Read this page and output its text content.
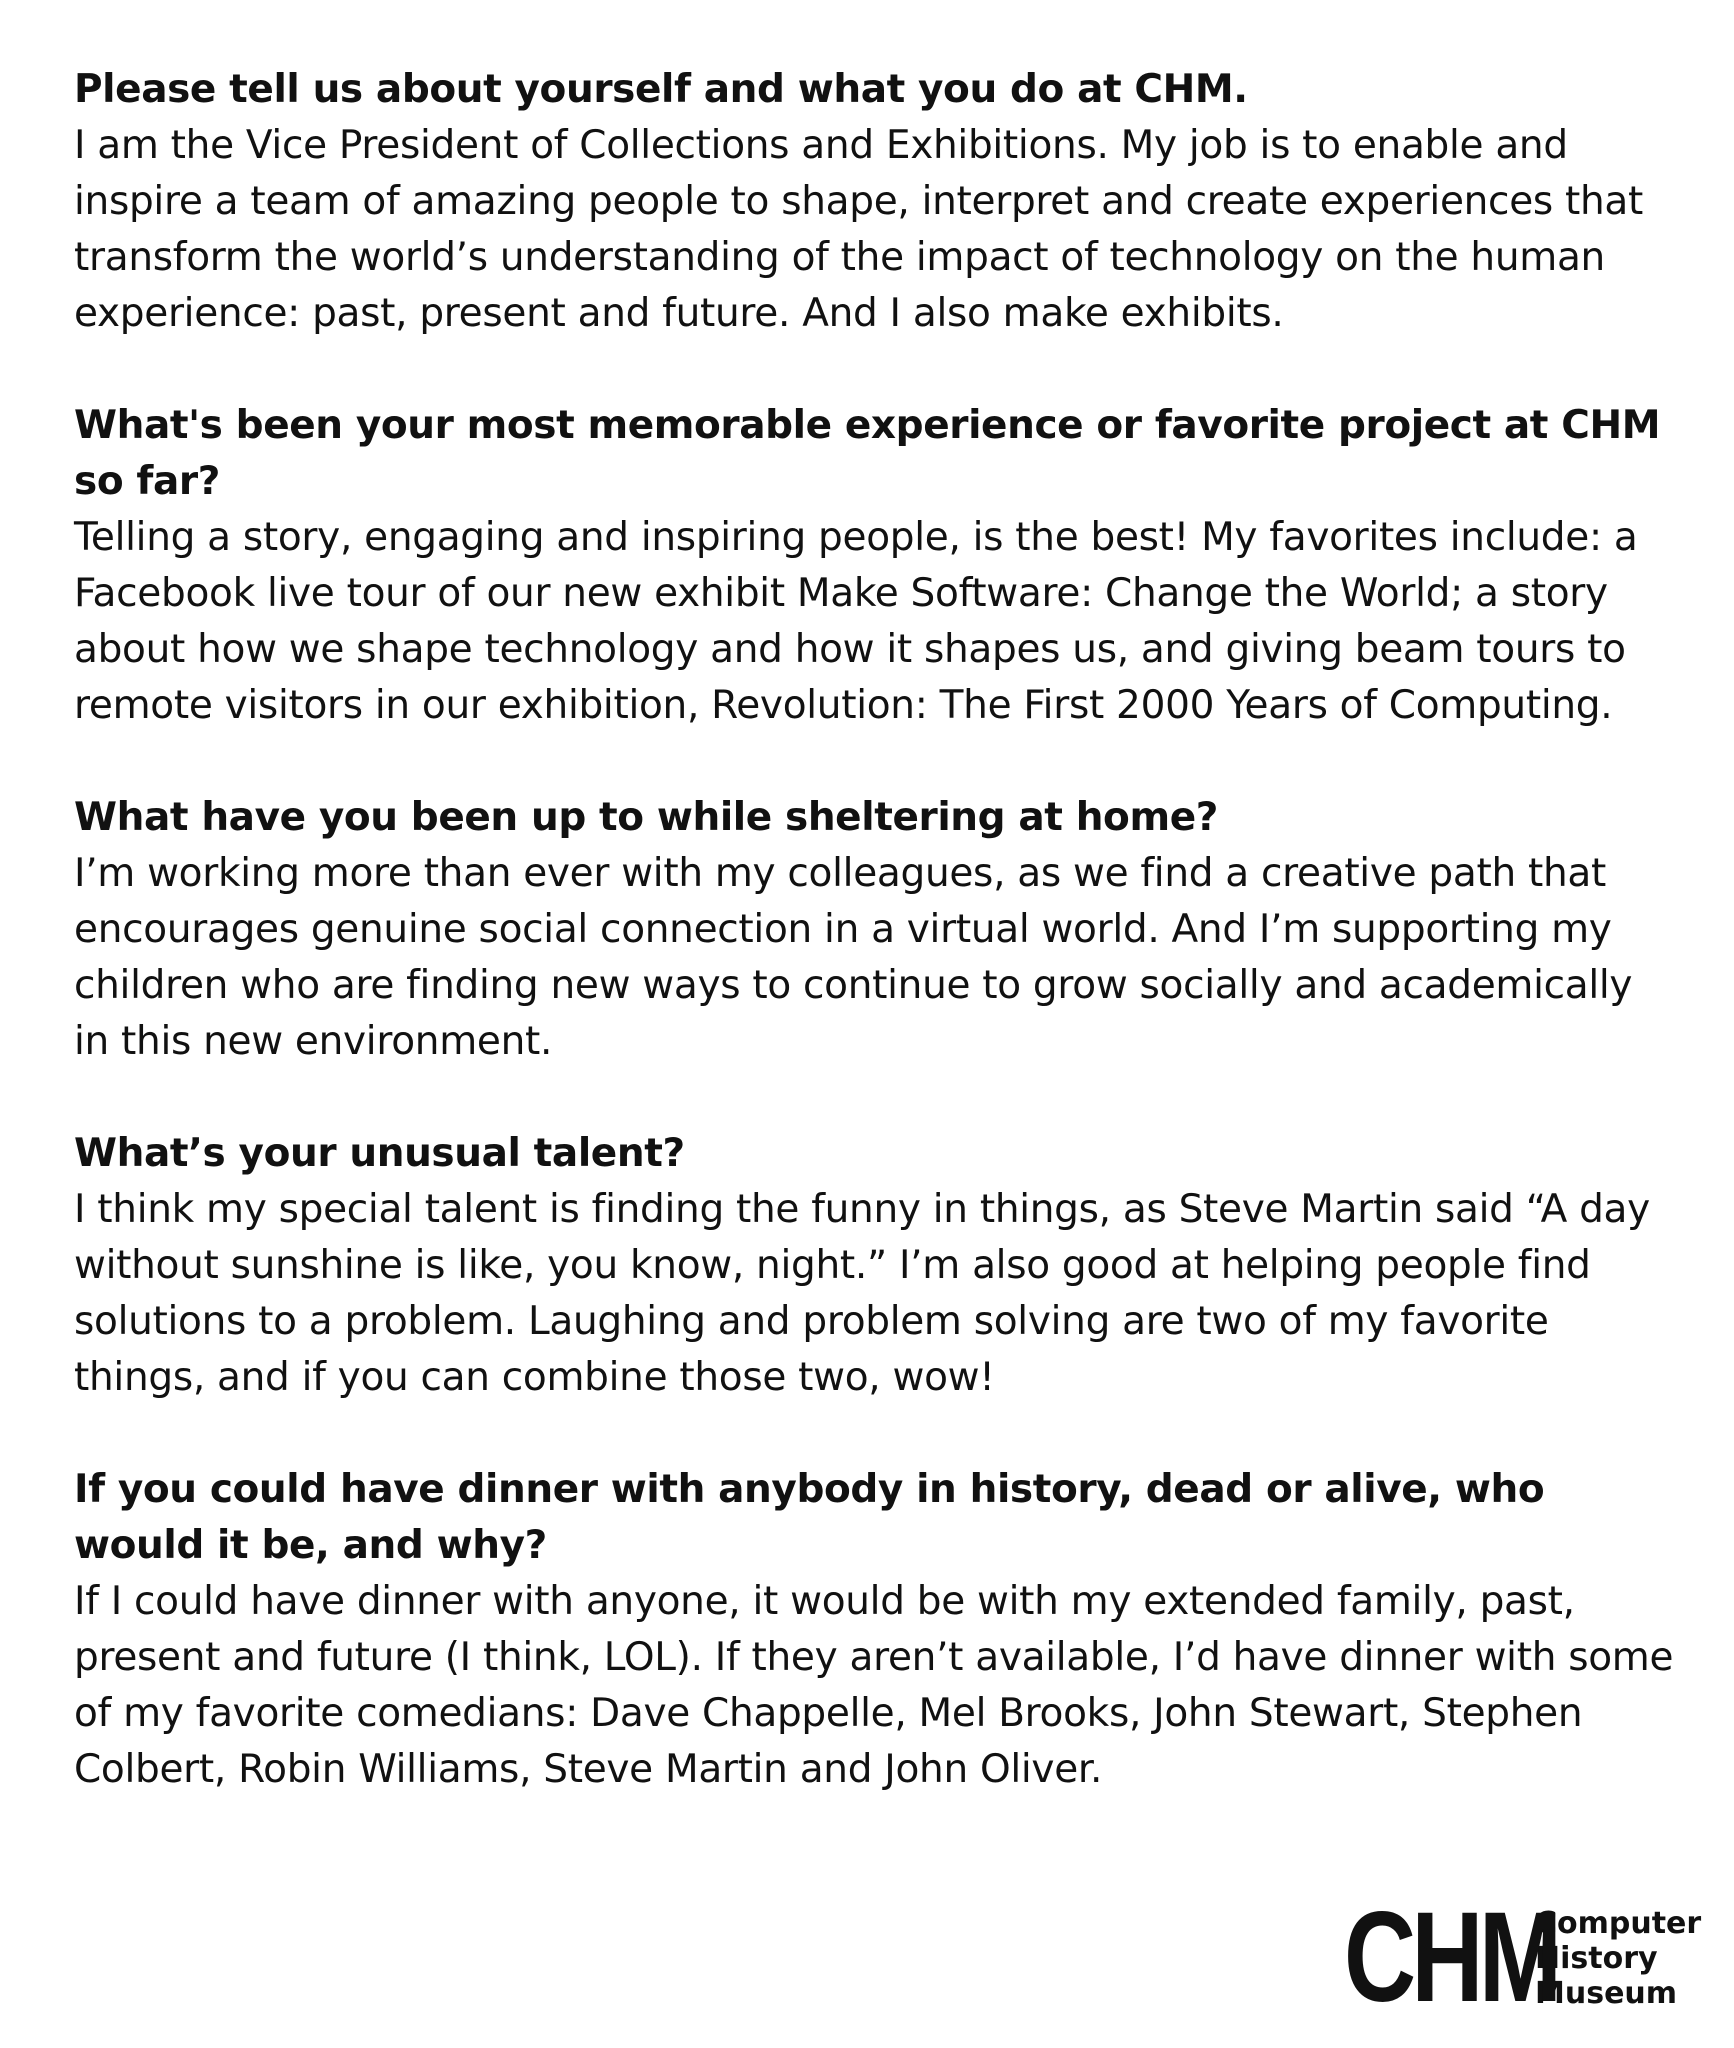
Please tell us about yourself and what you do at CHM.

I am the Vice President of Collections and Exhibitions. My job is to enable and inspire a team of amazing people to shape, interpret and create experiences that transform the world’s understanding of the impact of technology on the human experience: past, present and future. And I also make exhibits.

What's been your most memorable experience or favorite project at CHM so far?

Telling a story, engaging and inspiring people, is the best! My favorites include: a Facebook live tour of our new exhibit Make Software: Change the World; a story about how we shape technology and how it shapes us, and giving beam tours to remote visitors in our exhibition, Revolution: The First 2000 Years of Computing.

What have you been up to while sheltering at home?

I’m working more than ever with my colleagues, as we find a creative path that encourages genuine social connection in a virtual world. And I’m supporting my children who are finding new ways to continue to grow socially and academically in this new environment.

What’s your unusual talent?

I think my special talent is finding the funny in things, as Steve Martin said “A day without sunshine is like, you know, night.” I’m also good at helping people find solutions to a problem. Laughing and problem solving are two of my favorite things, and if you can combine those two, wow!

If you could have dinner with anybody in history, dead or alive, who would it be, and why?

If I could have dinner with anyone, it would be with my extended family, past, present and future (I think, LOL). If they aren’t available, I’d have dinner with some of my favorite comedians: Dave Chappelle, Mel Brooks, John Stewart, Stephen Colbert, Robin Williams, Steve Martin and John Oliver.

CHM
Computer
History
Museum
